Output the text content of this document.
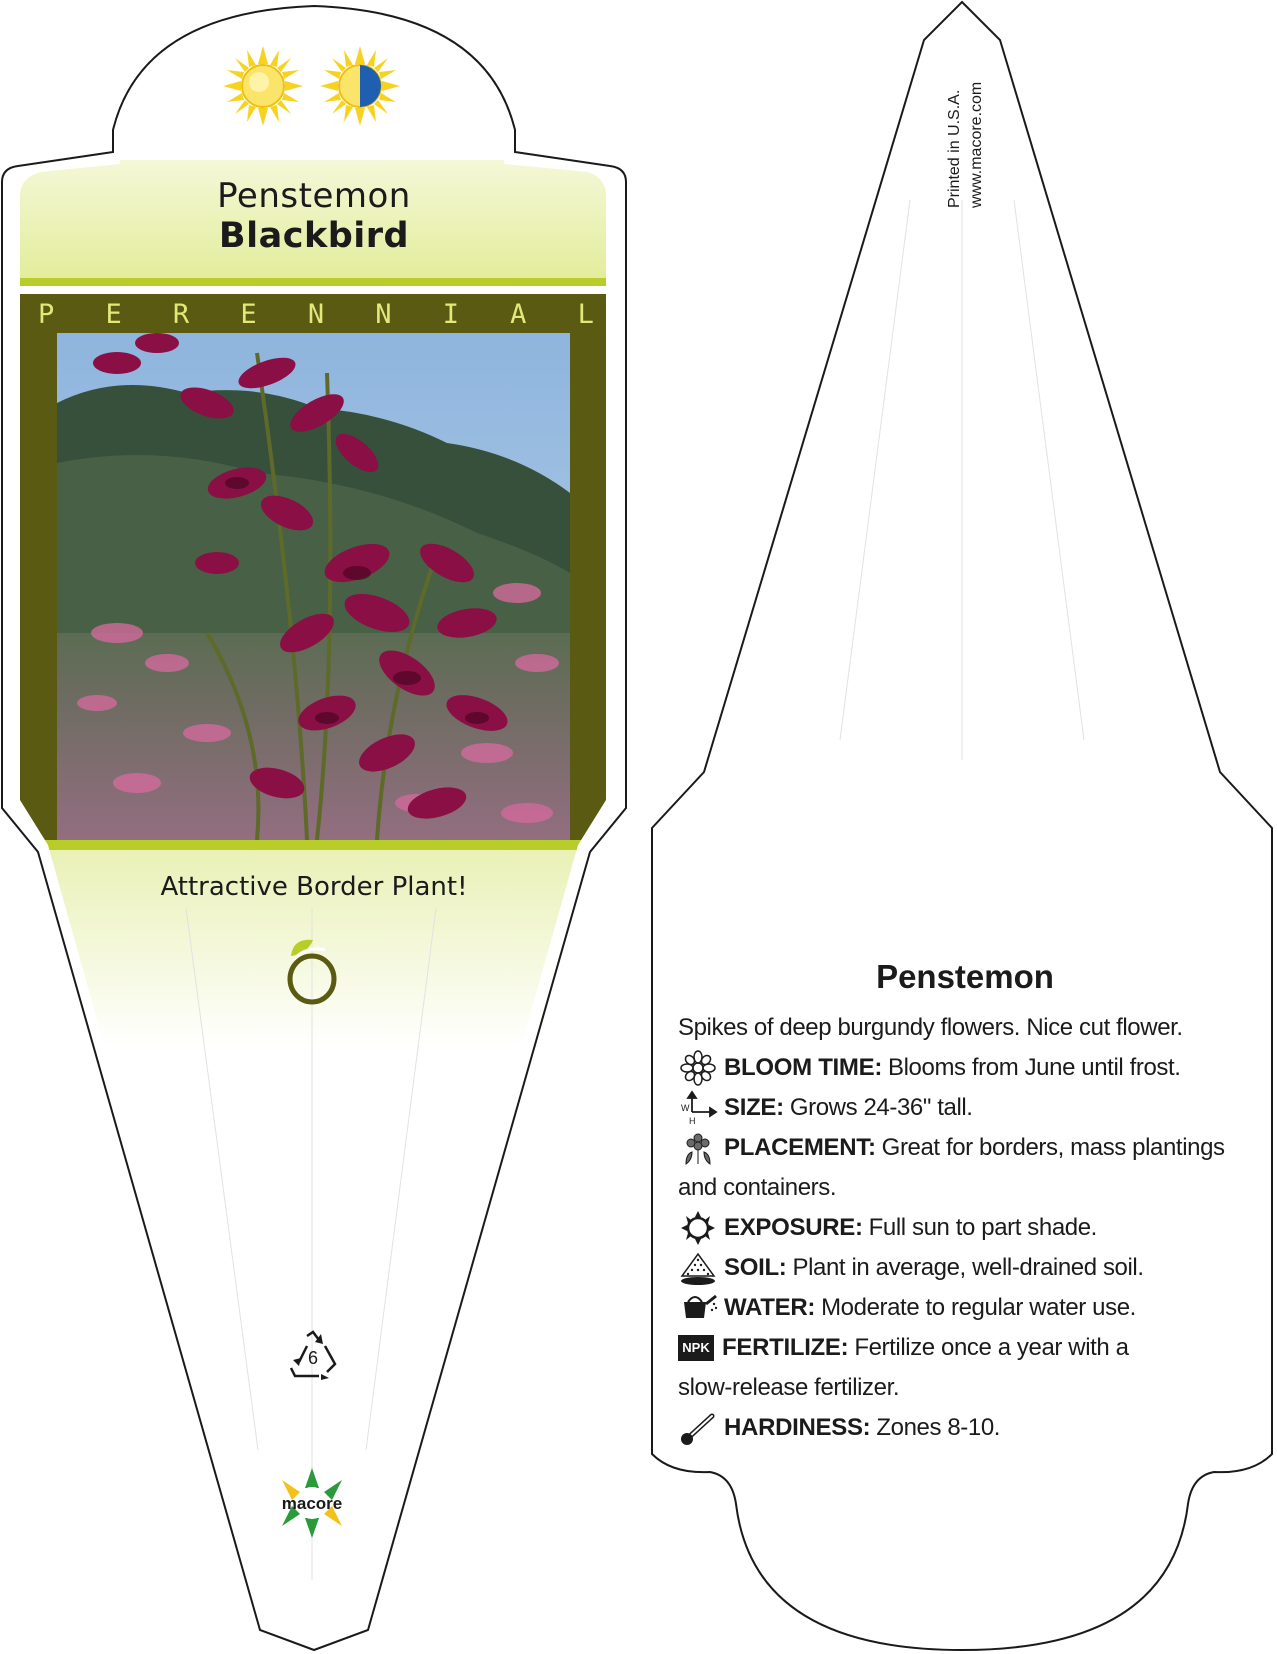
Penstemon
Blackbird
P E R E N N I A L
Attractive Border Plant!
6
macore
Printed in U.S.A. www.macore.com
Penstemon
Spikes of deep burgundy flowers. Nice cut flower.
BLOOM TIME: Blooms from June until frost.
W
H SIZE: Grows 24-36" tall.
PLACEMENT: Great for borders, mass plantings
and containers.
EXPOSURE: Full sun to part shade.
SOIL: Plant in average, well-drained soil.
WATER: Moderate to regular water use.
NPK FERTILIZE: Fertilize once a year with a
slow-release fertilizer.
HARDINESS: Zones 8-10.
